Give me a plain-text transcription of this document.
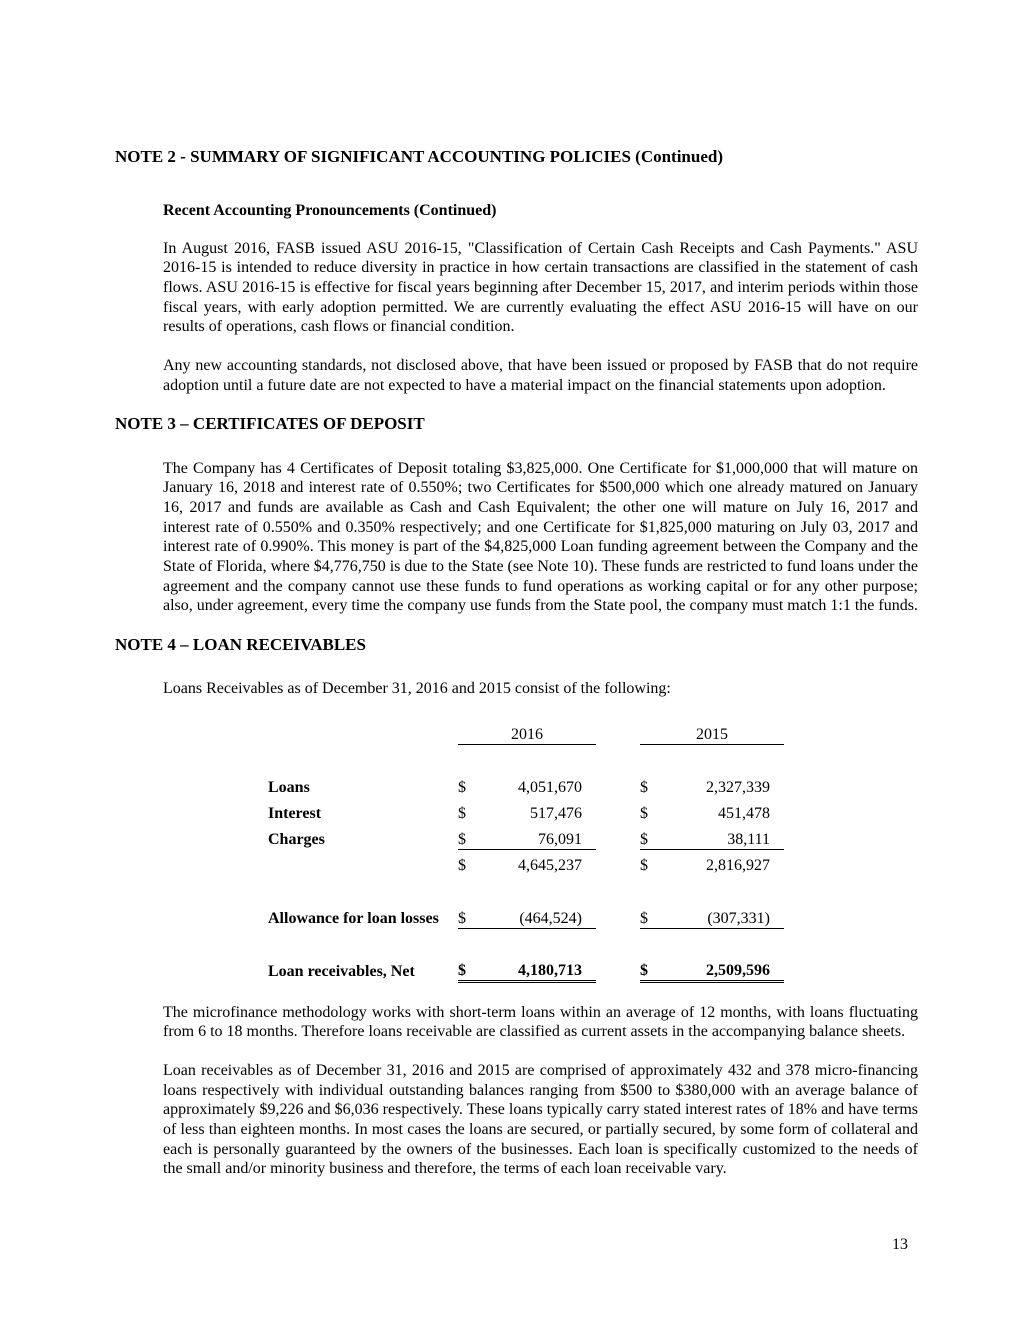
NOTE 2 - SUMMARY OF SIGNIFICANT ACCOUNTING POLICIES (Continued)
Recent Accounting Pronouncements (Continued)

In August 2016, FASB issued ASU 2016-15, "Classification of Certain Cash Receipts and Cash Payments." ASU 2016-15 is intended to reduce diversity in practice in how certain transactions are classified in the statement of cash flows. ASU 2016-15 is effective for fiscal years beginning after December 15, 2017, and interim periods within those fiscal years, with early adoption permitted. We are currently evaluating the effect ASU 2016-15 will have on our results of operations, cash flows or financial condition.

Any new accounting standards, not disclosed above, that have been issued or proposed by FASB that do not require adoption until a future date are not expected to have a material impact on the financial statements upon adoption.

NOTE 3 – CERTIFICATES OF DEPOSIT

The Company has 4 Certificates of Deposit totaling $3,825,000. One Certificate for $1,000,000 that will mature on January 16, 2018 and interest rate of 0.550%; two Certificates for $500,000 which one already matured on January 16, 2017 and funds are available as Cash and Cash Equivalent; the other one will mature on July 16, 2017 and interest rate of 0.550% and 0.350% respectively; and one Certificate for $1,825,000 maturing on July 03, 2017 and interest rate of 0.990%. This money is part of the $4,825,000 Loan funding agreement between the Company and the State of Florida, where $4,776,750 is due to the State (see Note 10). These funds are restricted to fund loans under the agreement and the company cannot use these funds to fund operations as working capital or for any other purpose; also, under agreement, every time the company use funds from the State pool, the company must match 1:1 the funds.

NOTE 4 – LOAN RECEIVABLES

Loans Receivables as of December 31, 2016 and 2015 consist of the following:

	2016			2015	

Loans	$	4,051,670		$	2,327,339
Interest	$	517,476		$	451,478
Charges	$	76,091		$	38,111
	$	4,645,237		$	2,816,927

Allowance for loan losses	$	(464,524)		$	(307,331)

Loan receivables, Net	$	4,180,713		$	2,509,596

The microfinance methodology works with short-term loans within an average of 12 months, with loans fluctuating from 6 to 18 months. Therefore loans receivable are classified as current assets in the accompanying balance sheets.

Loan receivables as of December 31, 2016 and 2015 are comprised of approximately 432 and 378 micro-financing loans respectively with individual outstanding balances ranging from $500 to $380,000 with an average balance of approximately $9,226 and $6,036 respectively. These loans typically carry stated interest rates of 18% and have terms of less than eighteen months. In most cases the loans are secured, or partially secured, by some form of collateral and each is personally guaranteed by the owners of the businesses. Each loan is specifically customized to the needs of the small and/or minority business and therefore, the terms of each loan receivable vary.

13
